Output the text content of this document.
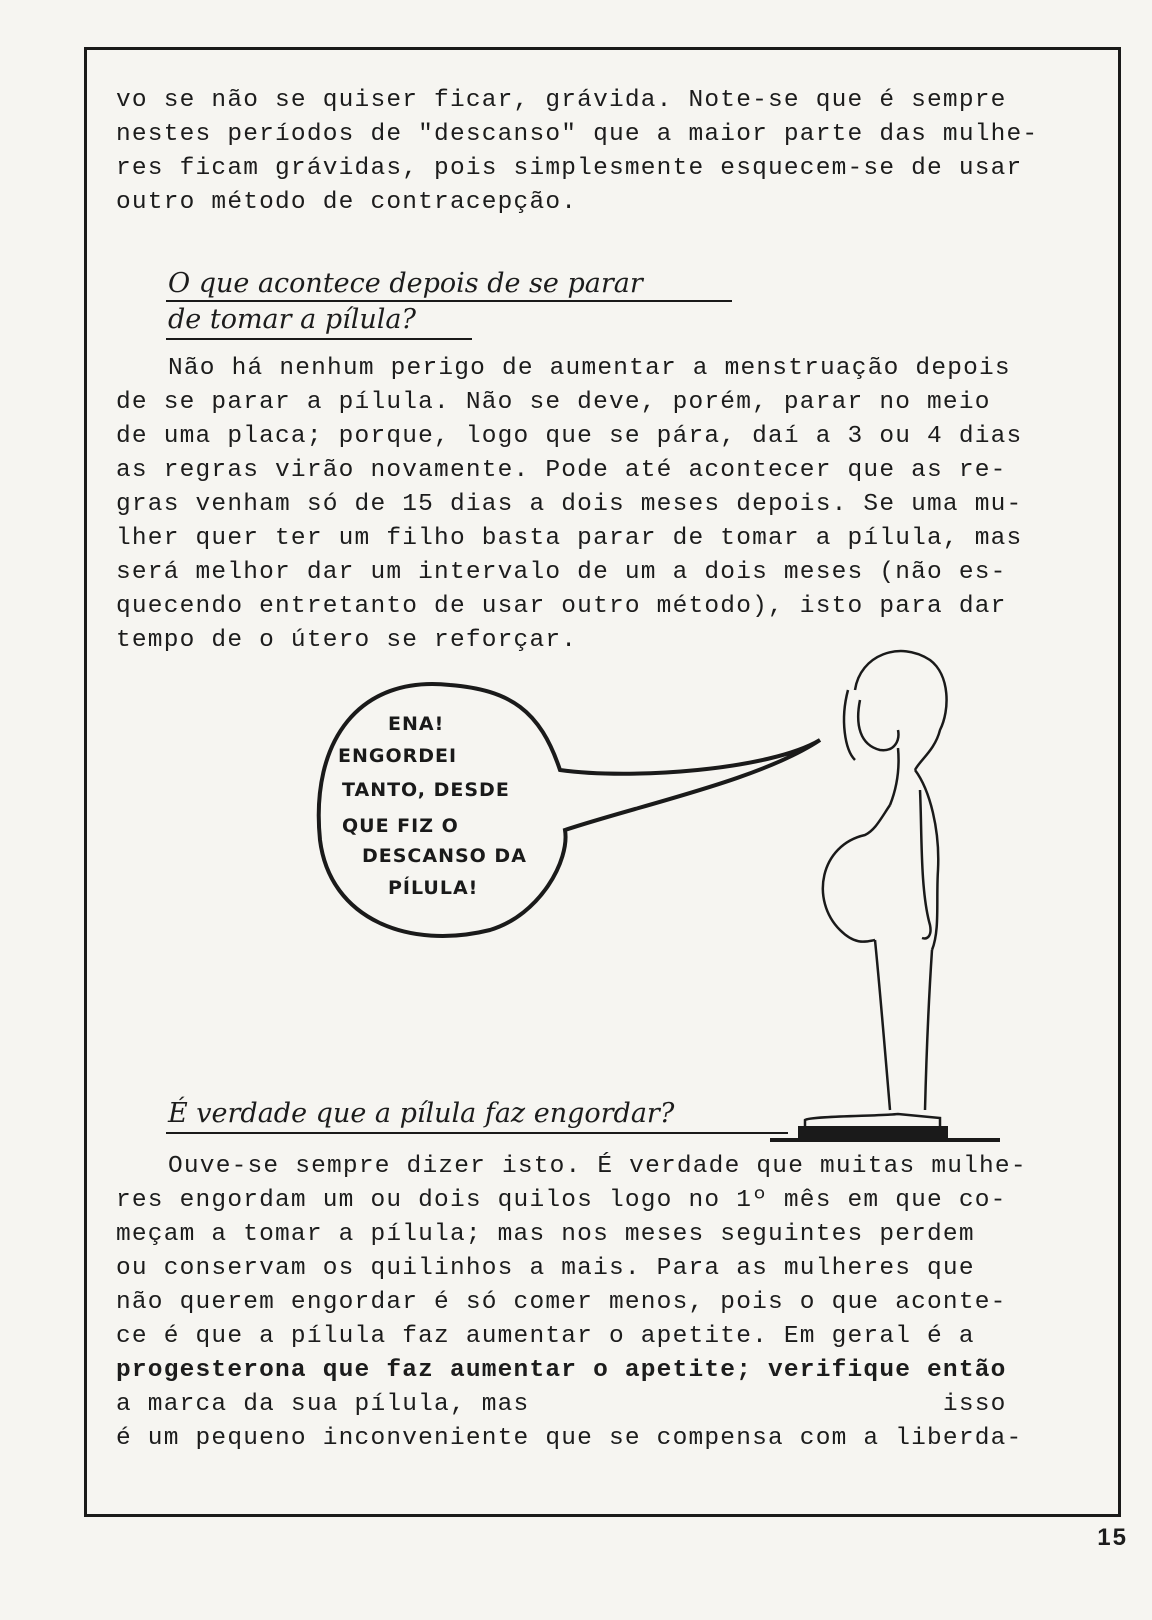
vo se não se quiser ficar, grávida. Note-se que é sempre
nestes períodos de "descanso" que a maior parte das mulhe-
res ficam grávidas, pois simplesmente esquecem-se de usar
outro método de contracepção.
O que acontece depois de se parar
de tomar a pílula?
Não há nenhum perigo de aumentar a menstruação depois
de se parar a pílula. Não se deve, porém, parar no meio
de uma placa; porque, logo que se pára, daí a 3 ou 4 dias
as regras virão novamente. Pode até acontecer que as re-
gras venham só de 15 dias a dois meses depois. Se uma mu-
lher quer ter um filho basta parar de tomar a pílula, mas
será melhor dar um intervalo de um a dois meses (não es-
quecendo entretanto de usar outro método), isto para dar
tempo de o útero se reforçar.
ENA!
ENGORDEI
TANTO, DESDE
QUE FIZ O
DESCANSO DA
PÍLULA!
É verdade que a pílula faz engordar?
Ouve-se sempre dizer isto. É verdade que muitas mulhe-
res engordam um ou dois quilos logo no 1º mês em que co-
meçam a tomar a pílula; mas nos meses seguintes perdem
ou conservam os quilinhos a mais. Para as mulheres que
não querem engordar é só comer menos, pois o que aconte-
ce é que a pílula faz aumentar o apetite. Em geral é a
progesterona que faz aumentar o apetite; verifique então
a marca da sua pílula, mas                          isso
é um pequeno inconveniente que se compensa com a liberda-
15
